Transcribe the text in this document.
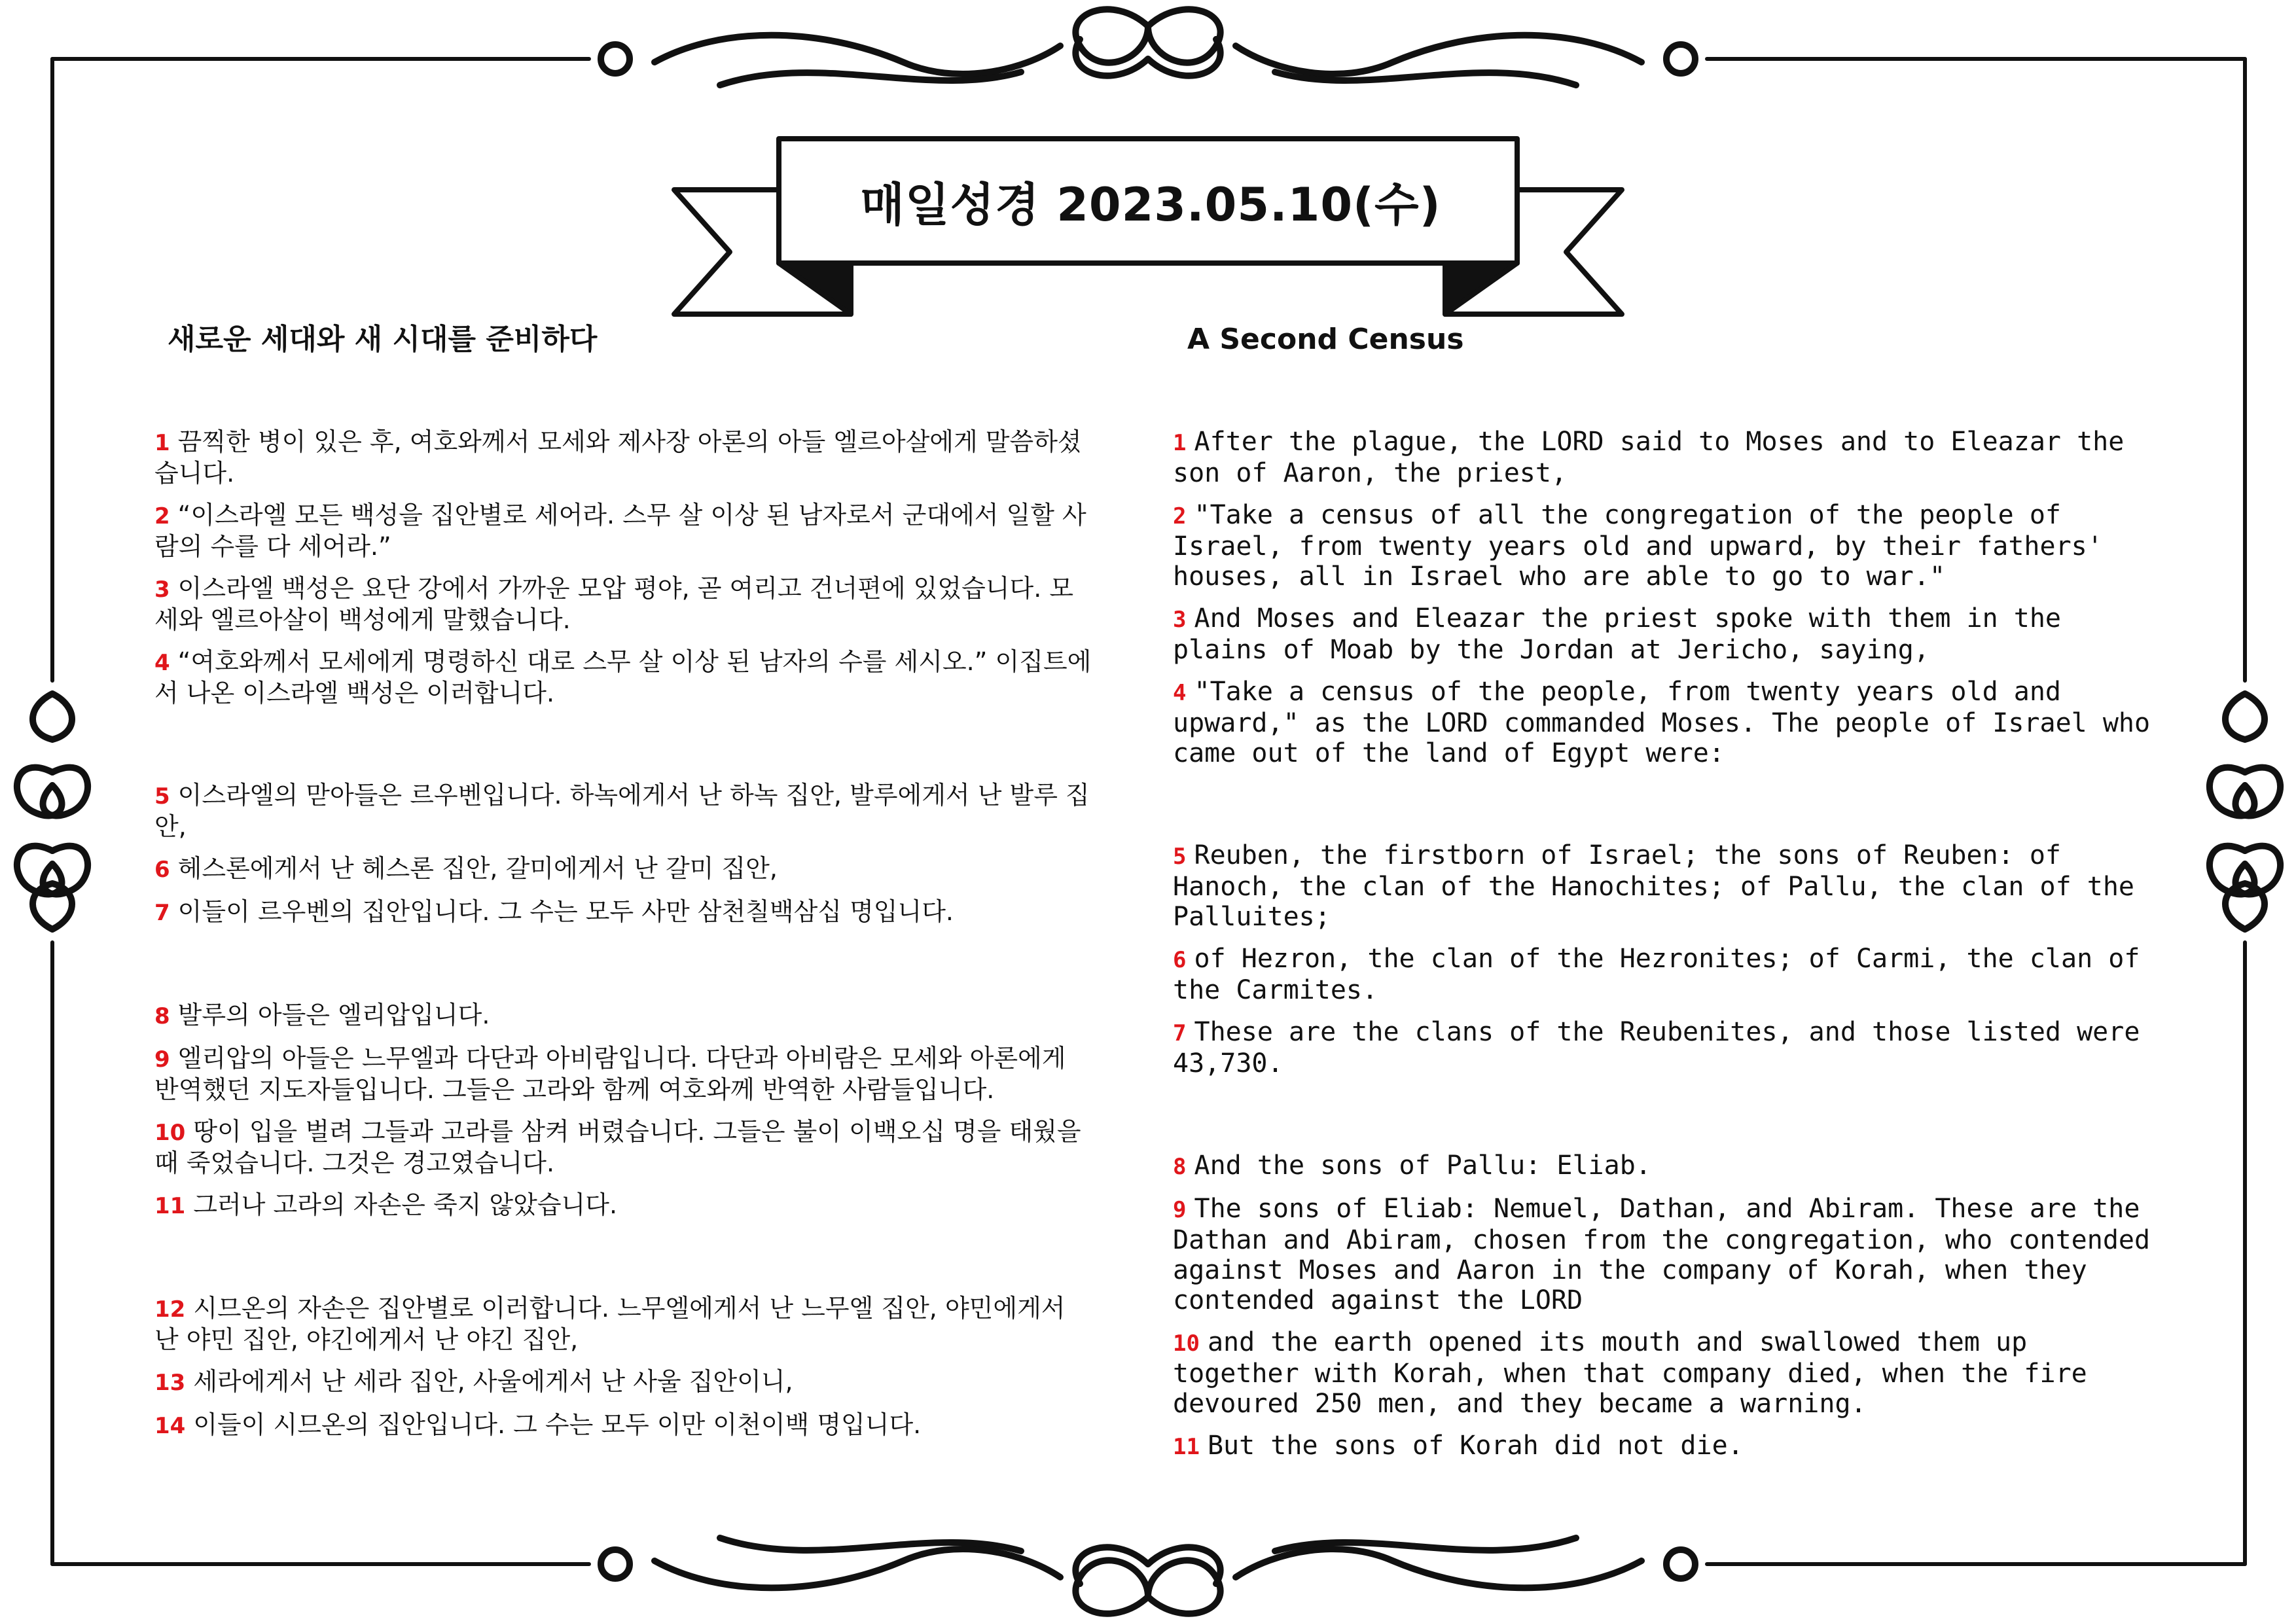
매일성경 2023.05.10(수)
새로운 세대와 새 시대를 준비하다
1 끔찍한 병이 있은 후, 여호와께서 모세와 제사장 아론의 아들 엘르아살에게 말씀하셨습니다.
2 “이스라엘 모든 백성을 집안별로 세어라. 스무 살 이상 된 남자로서 군대에서 일할 사람의 수를 다 세어라.”
3 이스라엘 백성은 요단 강에서 가까운 모압 평야, 곧 여리고 건너편에 있었습니다. 모세와 엘르아살이 백성에게 말했습니다.
4 “여호와께서 모세에게 명령하신 대로 스무 살 이상 된 남자의 수를 세시오.” 이집트에서 나온 이스라엘 백성은 이러합니다.
5 이스라엘의 맏아들은 르우벤입니다. 하녹에게서 난 하녹 집안, 발루에게서 난 발루 집안,
6 헤스론에게서 난 헤스론 집안, 갈미에게서 난 갈미 집안,
7 이들이 르우벤의 집안입니다. 그 수는 모두 사만 삼천칠백삼십 명입니다.
8 발루의 아들은 엘리압입니다.
9 엘리압의 아들은 느무엘과 다단과 아비람입니다. 다단과 아비람은 모세와 아론에게 반역했던 지도자들입니다. 그들은 고라와 함께 여호와께 반역한 사람들입니다.
10 땅이 입을 벌려 그들과 고라를 삼켜 버렸습니다. 그들은 불이 이백오십 명을 태웠을 때 죽었습니다. 그것은 경고였습니다.
11 그러나 고라의 자손은 죽지 않았습니다.
12 시므온의 자손은 집안별로 이러합니다. 느무엘에게서 난 느무엘 집안, 야민에게서 난 야민 집안, 야긴에게서 난 야긴 집안,
13 세라에게서 난 세라 집안, 사울에게서 난 사울 집안이니,
14 이들이 시므온의 집안입니다. 그 수는 모두 이만 이천이백 명입니다.
A Second Census
1 After the plague, the LORD said to Moses and to Eleazar the son of Aaron, the priest,
2 "Take a census of all the congregation of the people of Israel, from twenty years old and upward, by their fathers' houses, all in Israel who are able to go to war."
3 And Moses and Eleazar the priest spoke with them in the plains of Moab by the Jordan at Jericho, saying,
4 "Take a census of the people, from twenty years old and upward," as the LORD commanded Moses. The people of Israel who came out of the land of Egypt were:
5 Reuben, the firstborn of Israel; the sons of Reuben: of Hanoch, the clan of the Hanochites; of Pallu, the clan of the Palluites;
6 of Hezron, the clan of the Hezronites; of Carmi, the clan of the Carmites.
7 These are the clans of the Reubenites, and those listed were 43,730.
8 And the sons of Pallu: Eliab.
9 The sons of Eliab: Nemuel, Dathan, and Abiram. These are the Dathan and Abiram, chosen from the congregation, who contended against Moses and Aaron in the company of Korah, when they contended against the LORD
10 and the earth opened its mouth and swallowed them up together with Korah, when that company died, when the fire devoured 250 men, and they became a warning.
11 But the sons of Korah did not die.
